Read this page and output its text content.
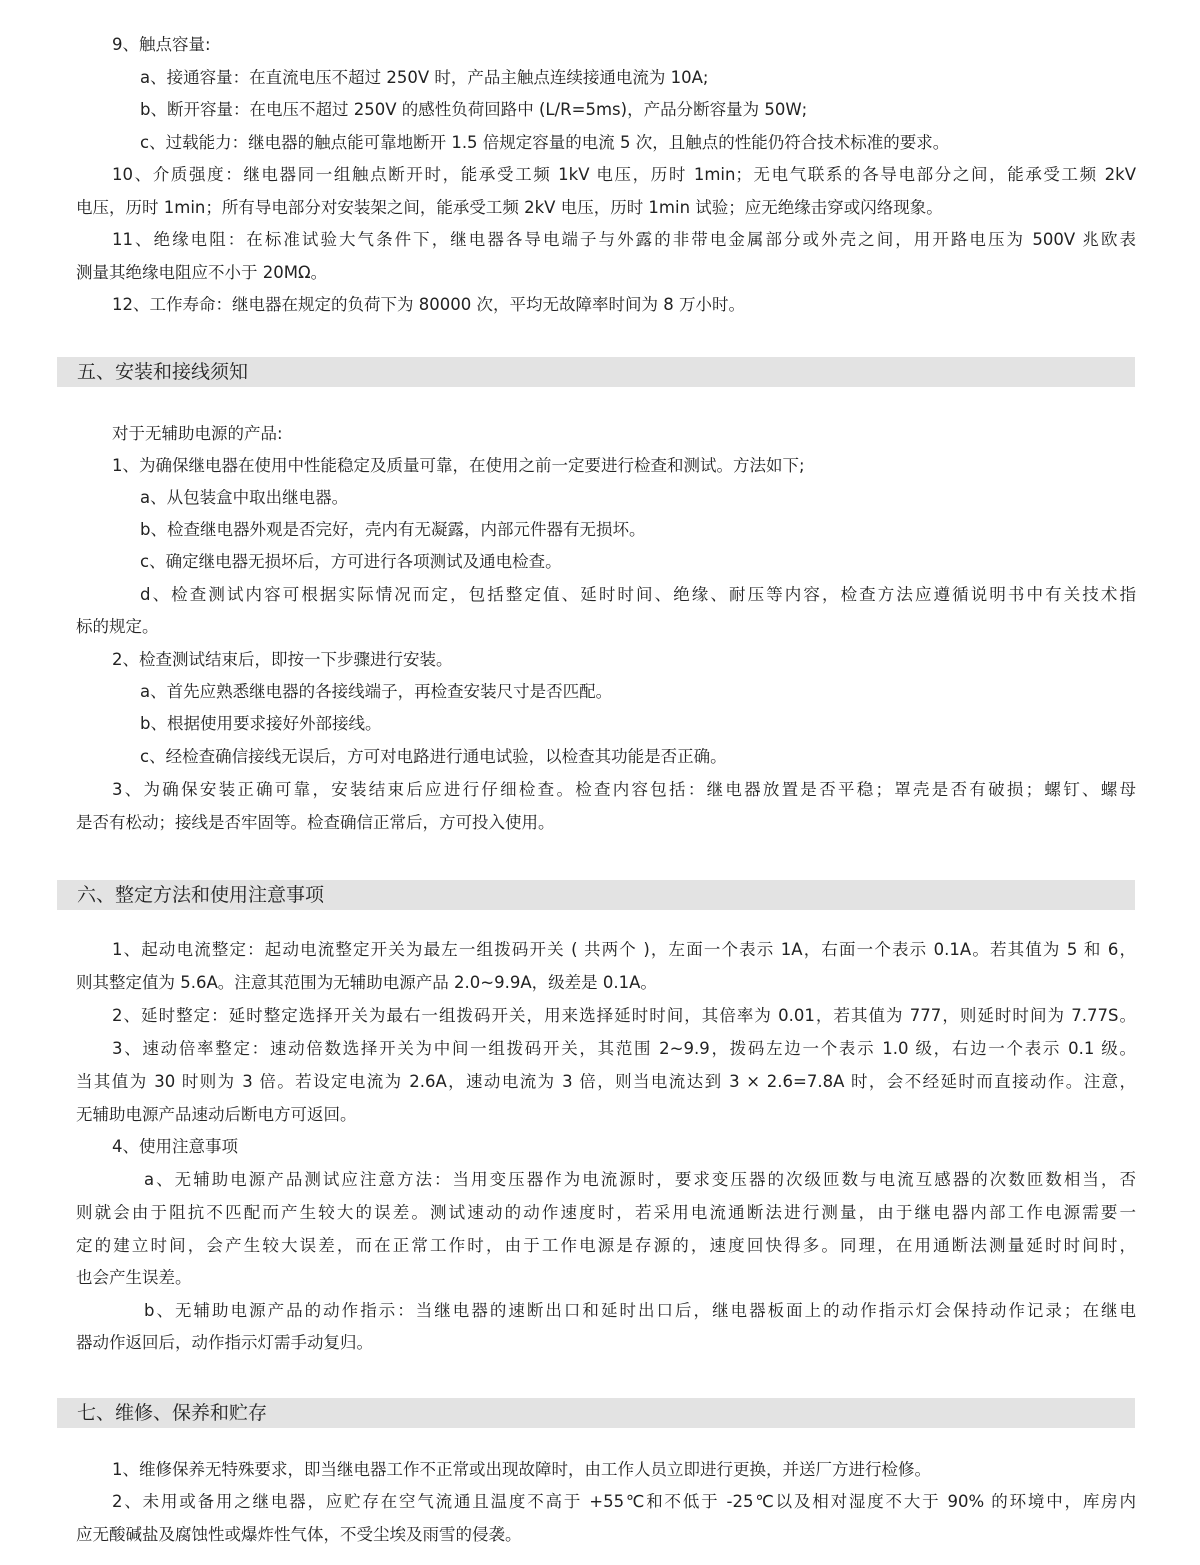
9、触点容量:

a、接通容量：在直流电压不超过 250V 时，产品主触点连续接通电流为 10A;

b、断开容量：在电压不超过 250V 的感性负荷回路中 (L/R=5ms)，产品分断容量为 50W;

c、过载能力：继电器的触点能可靠地断开 1.5 倍规定容量的电流 5 次，且触点的性能仍符合技术标准的要求。

10、介质强度：继电器同一组触点断开时，能承受工频 1kV 电压，历时 1min；无电气联系的各导电部分之间，能承受工频 2kV

电压，历时 1min；所有导电部分对安装架之间，能承受工频 2kV 电压，历时 1min 试验；应无绝缘击穿或闪络现象。

11、绝缘电阻：在标准试验大气条件下，继电器各导电端子与外露的非带电金属部分或外壳之间，用开路电压为 500V 兆欧表

测量其绝缘电阻应不小于 20MΩ。

12、工作寿命：继电器在规定的负荷下为 80000 次，平均无故障率时间为 8 万小时。

五、安装和接线须知

对于无辅助电源的产品:

1、为确保继电器在使用中性能稳定及质量可靠，在使用之前一定要进行检查和测试。方法如下;

a、从包装盒中取出继电器。

b、检查继电器外观是否完好，壳内有无凝露，内部元件器有无损坏。

c、确定继电器无损坏后，方可进行各项测试及通电检查。

d、检查测试内容可根据实际情况而定，包括整定值、延时时间、绝缘、耐压等内容，检查方法应遵循说明书中有关技术指

标的规定。

2、检查测试结束后，即按一下步骤进行安装。

a、首先应熟悉继电器的各接线端子，再检查安装尺寸是否匹配。

b、根据使用要求接好外部接线。

c、经检查确信接线无误后，方可对电路进行通电试验，以检查其功能是否正确。

3、为确保安装正确可靠，安装结束后应进行仔细检查。检查内容包括：继电器放置是否平稳；罩壳是否有破损；螺钉、螺母

是否有松动；接线是否牢固等。检查确信正常后，方可投入使用。

六、整定方法和使用注意事项

1、起动电流整定：起动电流整定开关为最左一组拨码开关 ( 共两个 )，左面一个表示 1A，右面一个表示 0.1A。若其值为 5 和 6，

则其整定值为 5.6A。注意其范围为无辅助电源产品 2.0~9.9A，级差是 0.1A。

2、延时整定：延时整定选择开关为最右一组拨码开关，用来选择延时时间，其倍率为 0.01，若其值为 777，则延时时间为 7.77S。

3、速动倍率整定：速动倍数选择开关为中间一组拨码开关，其范围 2~9.9，拨码左边一个表示 1.0 级，右边一个表示 0.1 级。

当其值为 30 时则为 3 倍。若设定电流为 2.6A，速动电流为 3 倍，则当电流达到 3 × 2.6=7.8A 时，会不经延时而直接动作。注意，

无辅助电源产品速动后断电方可返回。

4、使用注意事项

a、无辅助电源产品测试应注意方法：当用变压器作为电流源时，要求变压器的次级匝数与电流互感器的次数匝数相当，否

则就会由于阻抗不匹配而产生较大的误差。测试速动的动作速度时，若采用电流通断法进行测量，由于继电器内部工作电源需要一

定的建立时间，会产生较大误差，而在正常工作时，由于工作电源是存源的，速度回快得多。同理，在用通断法测量延时时间时，

也会产生误差。

b、无辅助电源产品的动作指示：当继电器的速断出口和延时出口后，继电器板面上的动作指示灯会保持动作记录；在继电

器动作返回后，动作指示灯需手动复归。

七、维修、保养和贮存

1、维修保养无特殊要求，即当继电器工作不正常或出现故障时，由工作人员立即进行更换，并送厂方进行检修。

2、未用或备用之继电器，应贮存在空气流通且温度不高于 +55℃和不低于 -25℃以及相对湿度不大于 90% 的环境中，库房内

应无酸碱盐及腐蚀性或爆炸性气体，不受尘埃及雨雪的侵袭。
